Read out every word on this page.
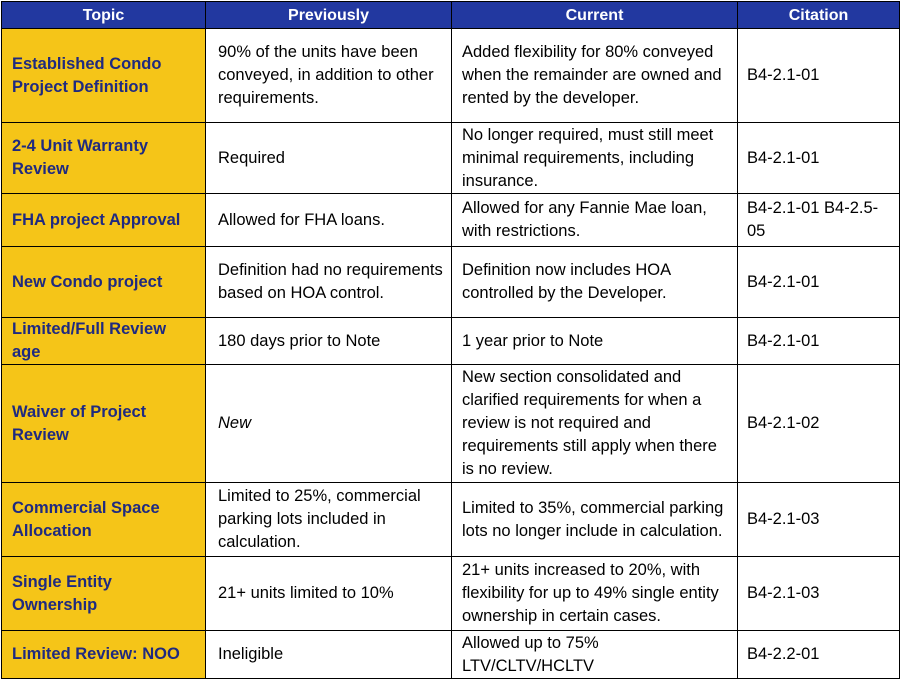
Topic	Previously	Current	Citation
Established Condo Project Definition	90% of the units have been conveyed, in addition to other requirements.	Added flexibility for 80% conveyed when the remainder are owned and rented by the developer.	B4-2.1-01
2-4 Unit Warranty Review	Required	No longer required, must still meet minimal requirements, including insurance.	B4-2.1-01
FHA project Approval	Allowed for FHA loans.	Allowed for any Fannie Mae loan, with restrictions.	B4-2.1-01 B4-2.5-05
New Condo project	Definition had no requirements based on HOA control.	Definition now includes HOA controlled by the Developer.	B4-2.1-01
Limited/Full Review age	180 days prior to Note	1 year prior to Note	B4-2.1-01
Waiver of Project Review	New	New section consolidated and clarified requirements for when a review is not required and requirements still apply when there is no review.	B4-2.1-02
Commercial Space Allocation	Limited to 25%, commercial parking lots included in calculation.	Limited to 35%, commercial parking lots no longer include in calculation.	B4-2.1-03
Single Entity Ownership	21+ units limited to 10%	21+ units increased to 20%, with flexibility for up to 49% single entity ownership in certain cases.	B4-2.1-03
Limited Review: NOO	Ineligible	Allowed up to 75% LTV/CLTV/HCLTV	B4-2.2-01
